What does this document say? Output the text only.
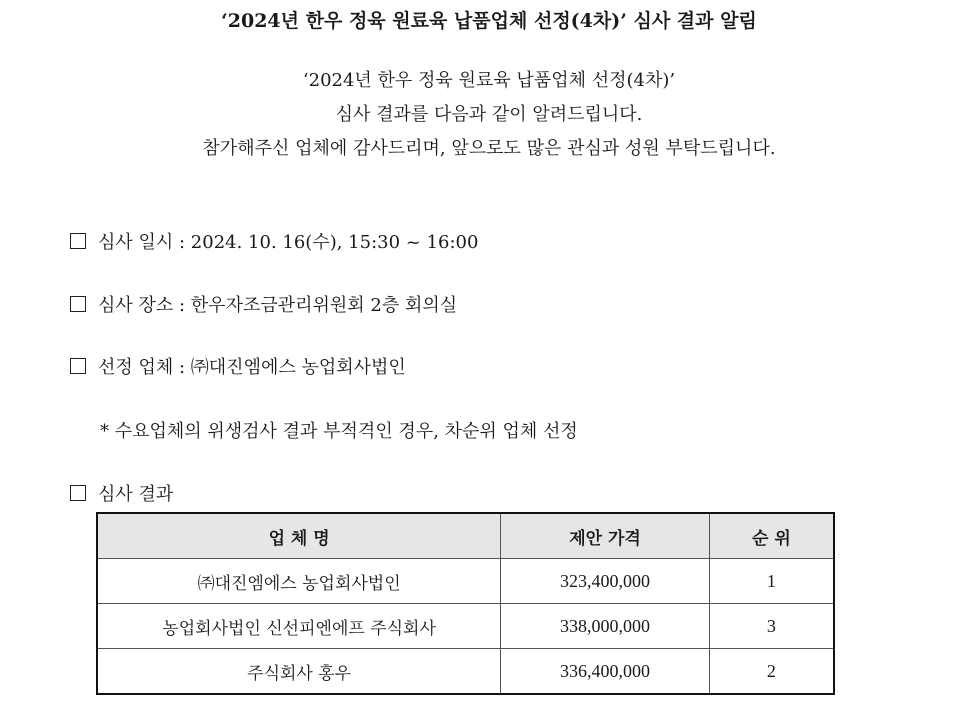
‘2024년 한우 정육 원료육 납품업체 선정(4차)’ 심사 결과 알림
‘2024년 한우 정육 원료육 납품업체 선정(4차)’
심사 결과를 다음과 같이 알려드립니다.
참가해주신 업체에 감사드리며, 앞으로도 많은 관심과 성원 부탁드립니다.
심사 일시 : 2024. 10. 16(수), 15:30 ~ 16:00
심사 장소 : 한우자조금관리위원회 2층 회의실
선정 업체 : ㈜대진엠에스 농업회사법인
* 수요업체의 위생검사 결과 부적격인 경우, 차순위 업체 선정
심사 결과
업 체 명	제안 가격	순 위
㈜대진엠에스 농업회사법인	323,400,000	1
농업회사법인 신선피엔에프 주식회사	338,000,000	3
주식회사 홍우	336,400,000	2
